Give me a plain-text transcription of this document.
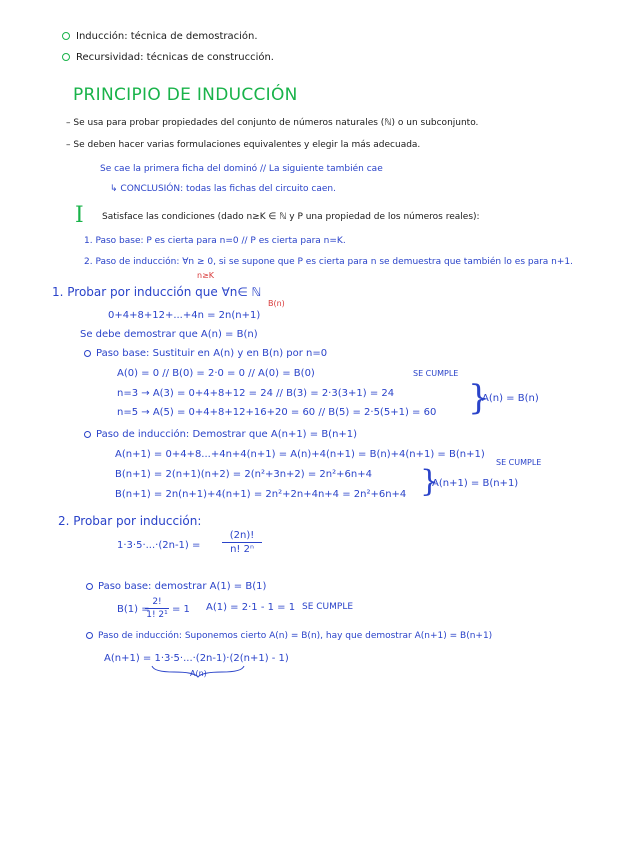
Inducción: técnica de demostración.
Recursividad: técnicas de construcción.
PRINCIPIO DE INDUCCIÓN
– Se usa para probar propiedades del conjunto de números naturales (ℕ) o un subconjunto.
– Se deben hacer varias formulaciones equivalentes y elegir la más adecuada.
Se cae la primera ficha del dominó // La siguiente también cae
↳ CONCLUSIÓN: todas las fichas del circuito caen.
I Satisface las condiciones (dado n≥K ∈ ℕ y P una propiedad de los números reales):
1. Paso base: P es cierta para n=0 // P es cierta para n=K.
2. Paso de inducción: ∀n ≥ 0, si se supone que P es cierta para n se demuestra que también lo es para n+1.
n≥K
1. Probar por inducción que ∀n∈ ℕ
0+4+8+12+...+4n = 2n(n+1)
B(n)
Se debe demostrar que A(n) = B(n)
Paso base: Sustituir en A(n) y en B(n) por n=0
A(0) = 0 // B(0) = 2·0 = 0 // A(0) = B(0)	SE CUMPLE
n=3 → A(3) = 0+4+8+12 = 24 // B(3) = 2·3(3+1) = 24
n=5 → A(5) = 0+4+8+12+16+20 = 60 // B(5) = 2·5(5+1) = 60 }
A(n) = B(n)
Paso de inducción: Demostrar que A(n+1) = B(n+1)
A(n+1) = 0+4+8...+4n+4(n+1) = A(n)+4(n+1) = B(n)+4(n+1) = B(n+1)
SE CUMPLE
B(n+1) = 2(n+1)(n+2) = 2(n²+3n+2) = 2n²+6n+4
B(n+1) = 2n(n+1)+4(n+1) = 2n²+2n+4n+4 = 2n²+6n+4 }
A(n+1) = B(n+1)
2. Probar por inducción:
1·3·5·...·(2n-1) =
(2n)!
n! 2ⁿ
Paso base: demostrar A(1) = B(1)
B(1) =
2!
1! 2¹ = 1 A(1) = 2·1 - 1 = 1 SE CUMPLE
Paso de inducción: Suponemos cierto A(n) = B(n), hay que demostrar A(n+1) = B(n+1)
A(n+1) = 1·3·5·...·(2n-1)·(2(n+1) - 1)
A(n)
